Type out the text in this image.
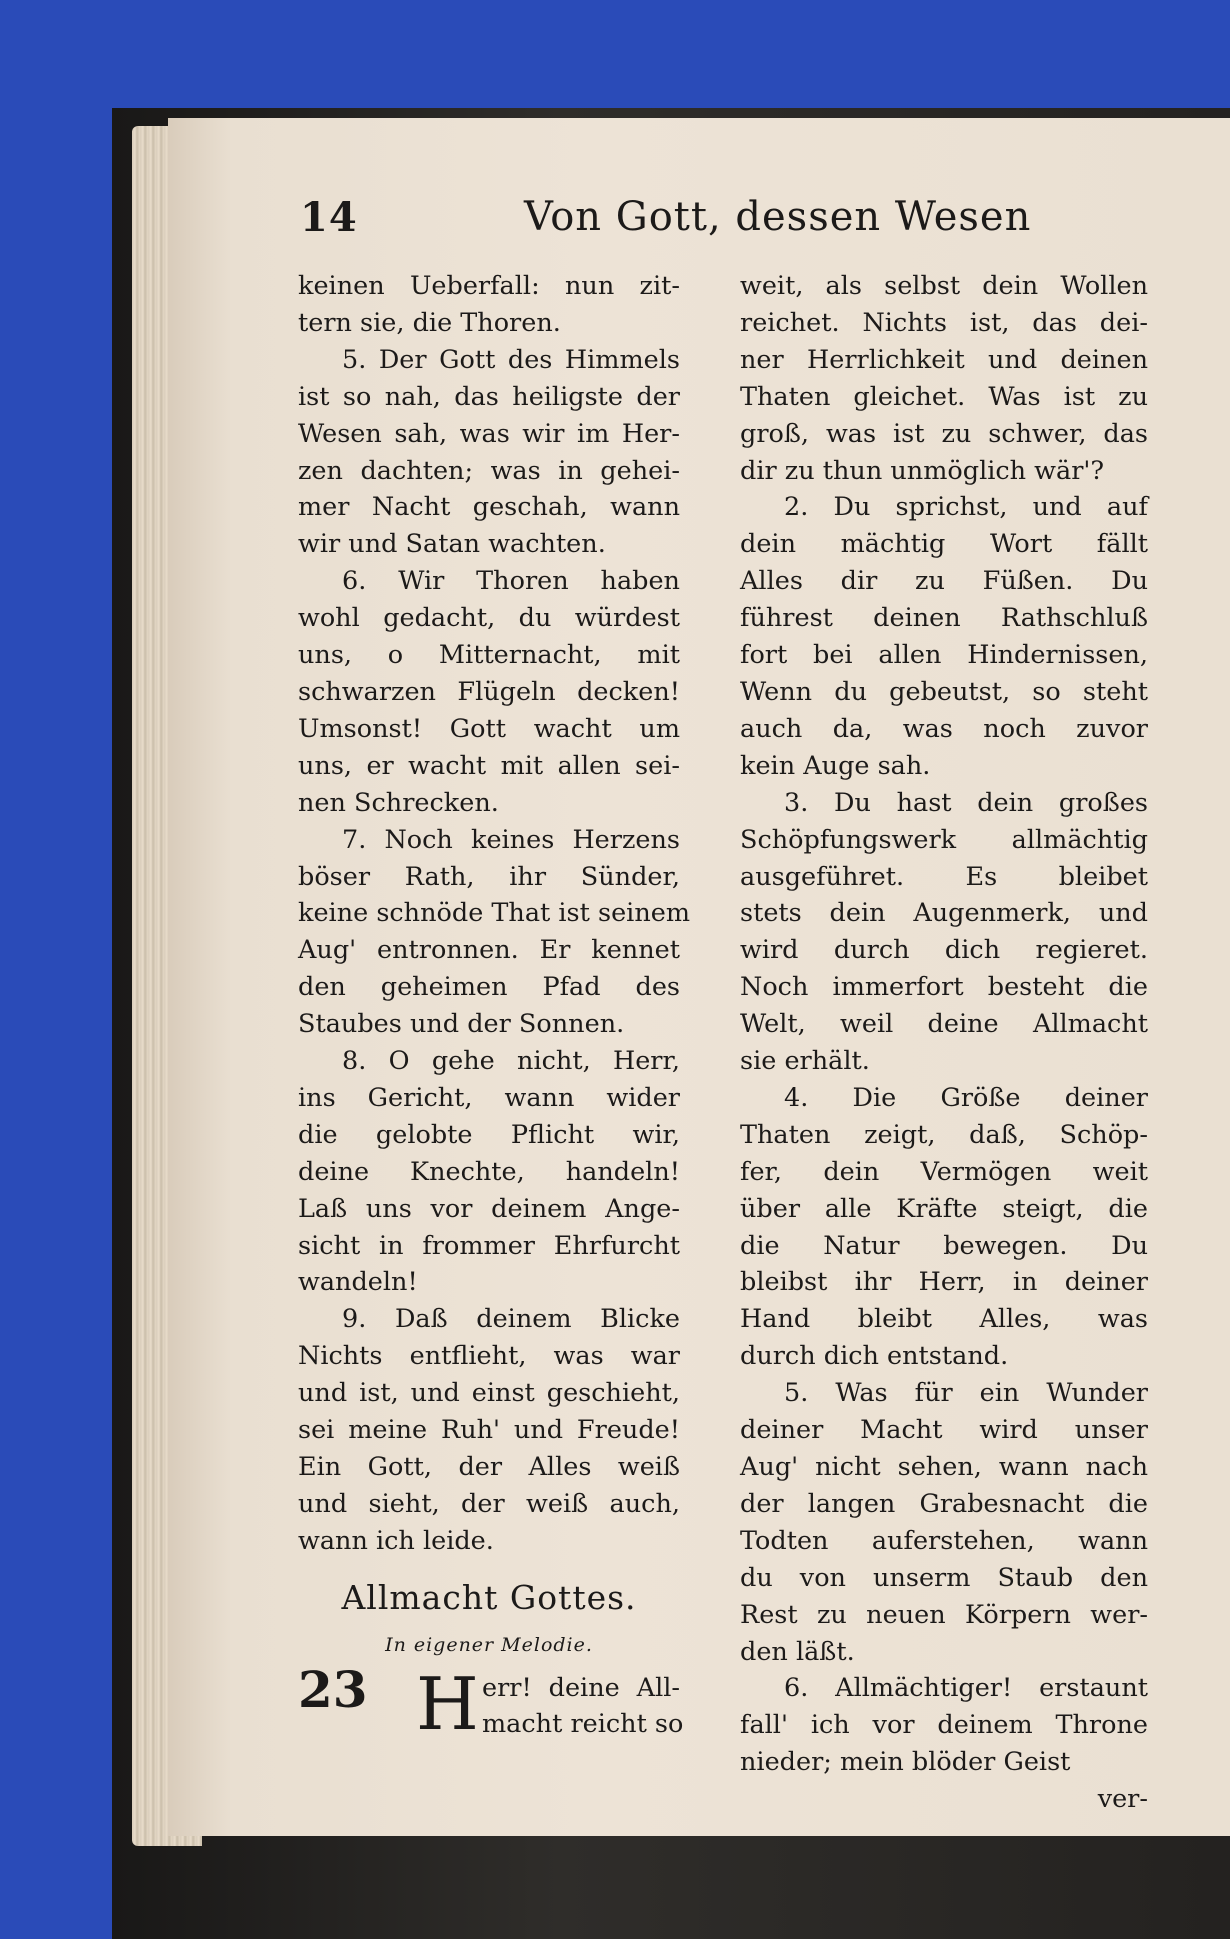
14	Von Gott, dessen Wesen
keinen Ueberfall: nun zit-
tern sie, die Thoren.
5. Der Gott des Himmels
ist so nah, das heiligste der
Wesen sah, was wir im Her-
zen dachten; was in gehei-
mer Nacht geschah, wann
wir und Satan wachten.
6. Wir Thoren haben
wohl gedacht, du würdest
uns, o Mitternacht, mit
schwarzen Flügeln decken!
Umsonst! Gott wacht um
uns, er wacht mit allen sei-
nen Schrecken.
7. Noch keines Herzens
böser Rath, ihr Sünder,
keine schnöde That ist seinem
Aug' entronnen. Er kennet
den geheimen Pfad des
Staubes und der Sonnen.
8. O gehe nicht, Herr,
ins Gericht, wann wider
die gelobte Pflicht wir,
deine Knechte, handeln!
Laß uns vor deinem Ange-
sicht in frommer Ehrfurcht
wandeln!
9. Daß deinem Blicke
Nichts entflieht, was war
und ist, und einst geschieht,
sei meine Ruh' und Freude!
Ein Gott, der Alles weiß
und sieht, der weiß auch,
wann ich leide.
Allmacht Gottes.
In eigener Melodie.
23 H err! deine All-
macht reicht so
weit, als selbst dein Wollen
reichet. Nichts ist, das dei-
ner Herrlichkeit und deinen
Thaten gleichet. Was ist zu
groß, was ist zu schwer, das
dir zu thun unmöglich wär'?
2. Du sprichst, und auf
dein mächtig Wort fällt
Alles dir zu Füßen. Du
führest deinen Rathschluß
fort bei allen Hindernissen,
Wenn du gebeutst, so steht
auch da, was noch zuvor
kein Auge sah.
3. Du hast dein großes
Schöpfungswerk allmächtig
ausgeführet. Es bleibet
stets dein Augenmerk, und
wird durch dich regieret.
Noch immerfort besteht die
Welt, weil deine Allmacht
sie erhält.
4. Die Größe deiner
Thaten zeigt, daß, Schöp-
fer, dein Vermögen weit
über alle Kräfte steigt, die
die Natur bewegen. Du
bleibst ihr Herr, in deiner
Hand bleibt Alles, was
durch dich entstand.
5. Was für ein Wunder
deiner Macht wird unser
Aug' nicht sehen, wann nach
der langen Grabesnacht die
Todten auferstehen, wann
du von unserm Staub den
Rest zu neuen Körpern wer-
den läßt.
6. Allmächtiger! erstaunt
fall' ich vor deinem Throne
nieder; mein blöder Geist
ver-
